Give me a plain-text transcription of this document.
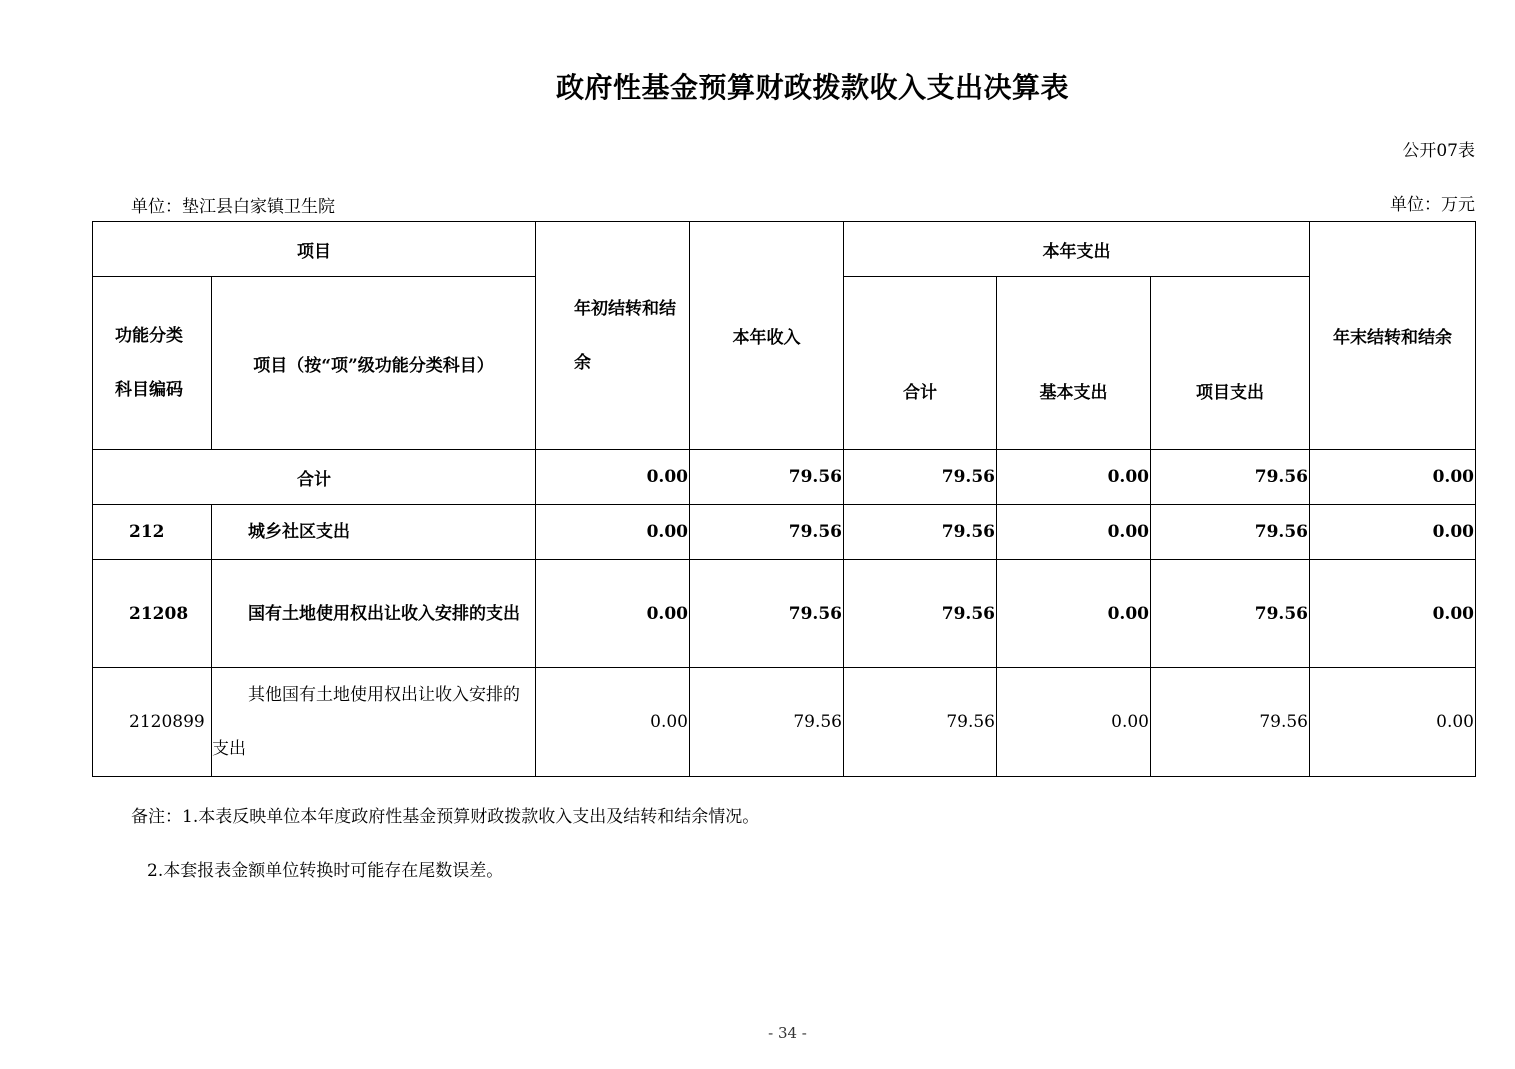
政府性基金预算财政拨款收入支出决算表
公开07表
单位：垫江县白家镇卫生院	单位：万元
项目		年初结转和结余	本年收入	本年支出			年末结转和结余

功能分类
科目编码	项目（按“项”级功能分类科目）			合计	基本支出	项目支出	
合计		0.00	79.56	79.56	0.00	79.56	0.00
212	城乡社区支出	0.00	79.56	79.56	0.00	79.56	0.00
21208	国有土地使用权出让收入安排的支出	0.00	79.56	79.56	0.00	79.56	0.00
2120899	其他国有土地使用权出让收入安排的支出	0.00	79.56	79.56	0.00	79.56	0.00
备注：1.本表反映单位本年度政府性基金预算财政拨款收入支出及结转和结余情况。
2.本套报表金额单位转换时可能存在尾数误差。
- 34 -
